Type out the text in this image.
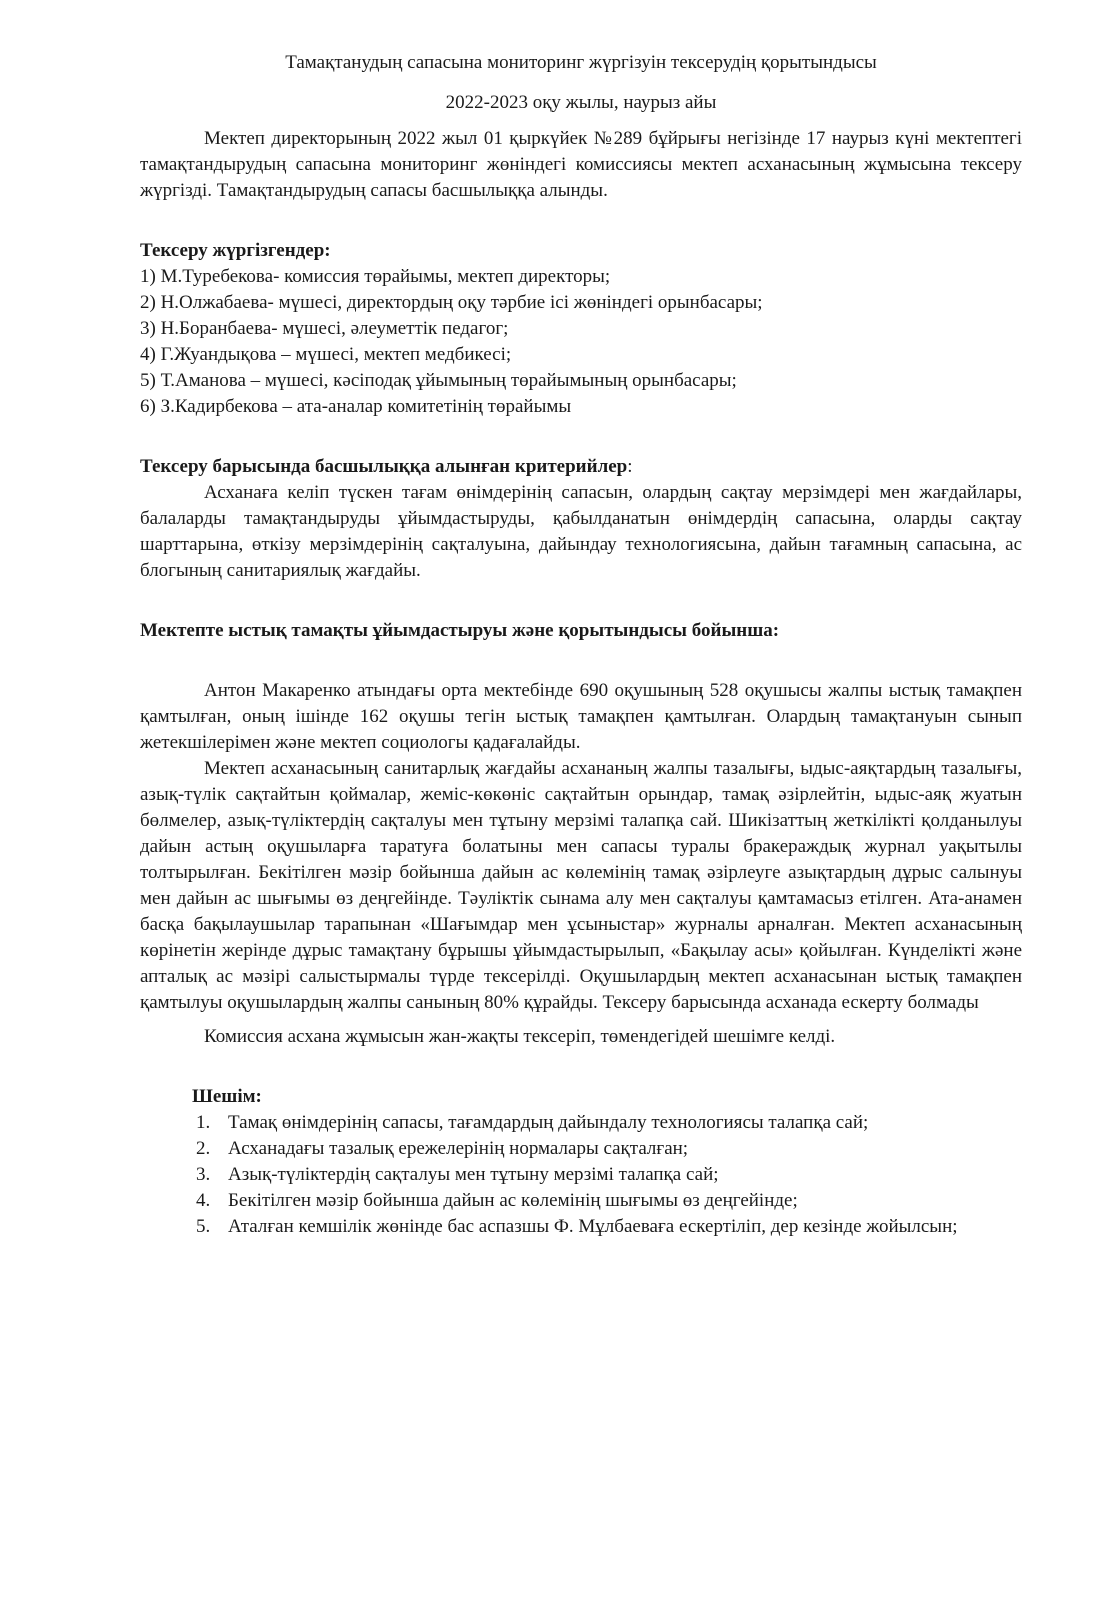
Тамақтанудың сапасына мониторинг жүргізуін тексерудің қорытындысы

2022-2023 оқу жылы, наурыз айы

Мектеп директорының 2022 жыл 01 қыркүйек №289 бұйрығы негізінде 17 наурыз күні мектептегі тамақтандырудың сапасына мониторинг жөніндегі комиссиясы мектеп асханасының жұмысына тексеру жүргізді. Тамақтандырудың сапасы басшылыққа алынды.

Тексеру жүргізгендер:

1) М.Туребекова- комиссия төрайымы, мектеп директоры;
2) Н.Олжабаева- мүшесі, директордың оқу тәрбие ісі жөніндегі орынбасары;
3) Н.Боранбаева- мүшесі, әлеуметтік педагог;
4) Г.Жуандықова – мүшесі, мектеп медбикесі;
5) Т.Аманова – мүшесі, кәсіподақ ұйымының төрайымының орынбасары;
6) З.Кадирбекова – ата-аналар комитетінің төрайымы

Тексеру барысында басшылыққа алынған критерийлер:

Асханаға келіп түскен тағам өнімдерінің сапасын, олардың сақтау мерзімдері мен жағдайлары, балаларды тамақтандыруды ұйымдастыруды, қабылданатын өнімдердің сапасына, оларды сақтау шарттарына, өткізу мерзімдерінің сақталуына, дайындау технологиясына, дайын тағамның сапасына, ас блогының санитариялық жағдайы.

Мектепте ыстық тамақты ұйымдастыруы және қорытындысы бойынша:

Антон Макаренко атындағы орта мектебінде 690 оқушының 528 оқушысы жалпы ыстық тамақпен қамтылған, оның ішінде 162 оқушы тегін ыстық тамақпен қамтылған. Олардың тамақтануын сынып жетекшілерімен және мектеп социологы қадағалайды.

Мектеп асханасының санитарлық жағдайы асхананың жалпы тазалығы, ыдыс-аяқтардың тазалығы, азық-түлік сақтайтын қоймалар, жеміс-көкөніс сақтайтын орындар, тамақ әзірлейтін, ыдыс-аяқ жуатын бөлмелер, азық-түліктердің сақталуы мен тұтыну мерзімі талапқа сай. Шикізаттың жеткілікті қолданылуы дайын астың оқушыларға таратуға болатыны мен сапасы туралы бракераждық журнал уақытылы толтырылған. Бекітілген мәзір бойынша дайын ас көлемінің тамақ әзірлеуге азықтардың дұрыс салынуы мен дайын ас шығымы өз деңгейінде. Тәуліктік сынама алу мен сақталуы қамтамасыз етілген. Ата-анамен басқа бақылаушылар тарапынан «Шағымдар мен ұсыныстар» журналы арналған. Мектеп асханасының көрінетін жерінде дұрыс тамақтану бұрышы ұйымдастырылып, «Бақылау асы» қойылған. Күнделікті және апталық ас мәзірі салыстырмалы түрде тексерілді. Оқушылардың мектеп асханасынан ыстық тамақпен қамтылуы оқушылардың жалпы санының 80% құрайды. Тексеру барысында асханада ескерту болмады

Комиссия асхана жұмысын жан-жақты тексеріп, төмендегідей шешімге келді.

Шешім:

1. Тамақ өнімдерінің сапасы, тағамдардың дайындалу технологиясы талапқа сай;
2. Асханадағы тазалық ережелерінің нормалары сақталған;
3. Азық-түліктердің сақталуы мен тұтыну мерзімі талапқа сай;
4. Бекітілген мәзір бойынша дайын ас көлемінің шығымы өз деңгейінде;
5. Аталған кемшілік жөнінде бас аспазшы Ф. Мұлбаеваға ескертіліп, дер кезінде жойылсын;
